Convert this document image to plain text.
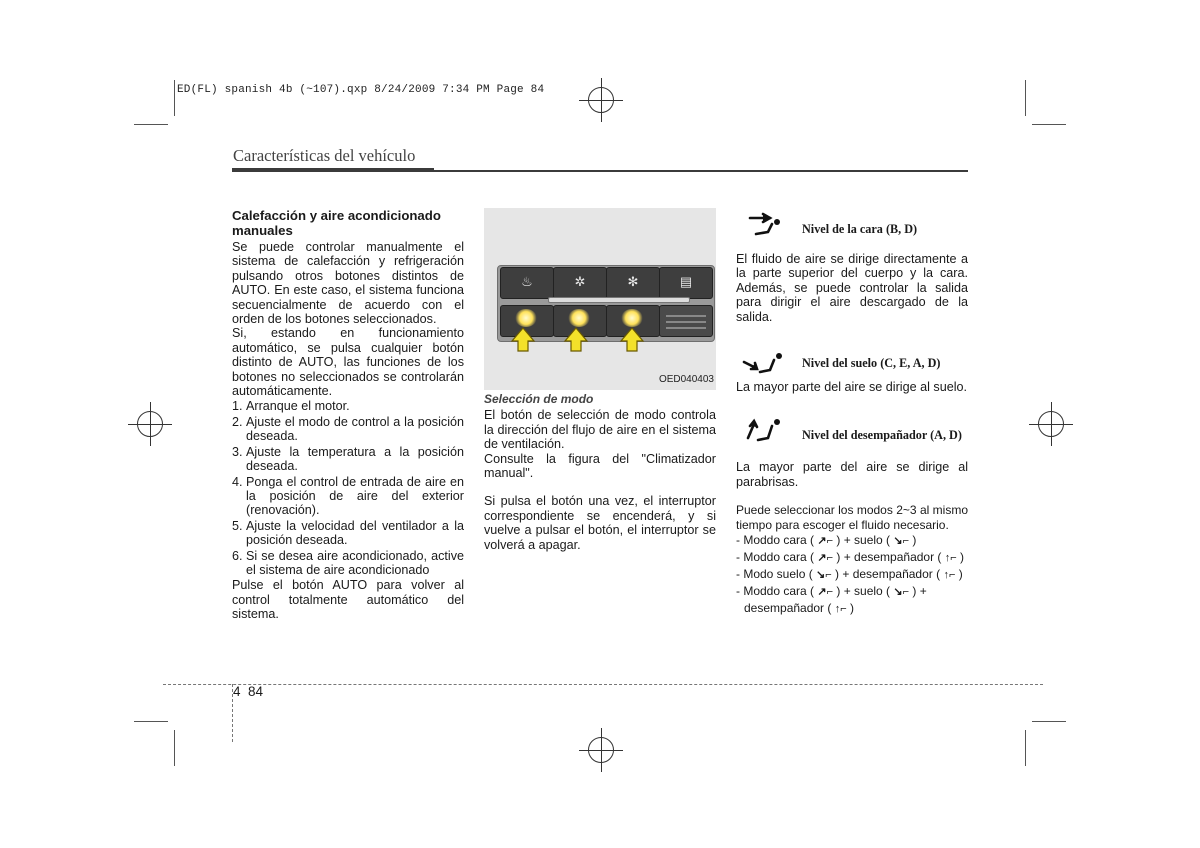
ED(FL) spanish 4b (~107).qxp 8/24/2009 7:34 PM Page 84
Características del vehículo
Calefacción y aire acondicionado manuales

Se puede controlar manualmente el sistema de calefacción y refrigeración pulsando otros botones distintos de AUTO. En este caso, el sistema funciona secuencialmente de acuerdo con el orden de los botones seleccionados.

Si, estando en funcionamiento automático, se pulsa cualquier botón distinto de AUTO, las funciones de los botones no seleccionados se controlarán automáticamente.

1. Arranque el motor.
2. Ajuste el modo de control a la posición deseada.
3. Ajuste la temperatura a la posición deseada.
4. Ponga el control de entrada de aire en la posición de aire del exterior (renovación).
5. Ajuste la velocidad del ventilador a la posición deseada.
6. Si se desea aire acondicionado, active el sistema de aire acondicionado

Pulse el botón AUTO para volver al control totalmente automático del sistema.

♨	✲	✻	▤
OED040403
Selección de modo

El botón de selección de modo controla la dirección del flujo de aire en el sistema de ventilación.

Consulte la figura del "Climatizador manual".

Si pulsa el botón una vez, el interruptor correspondiente se encenderá, y si vuelve a pulsar el botón, el interruptor se volverá a apagar.

Nivel de la cara (B, D)

El fluido de aire se dirige directamente a la parte superior del cuerpo y la cara. Además, se puede controlar la salida para dirigir el aire descargado de la salida.

Nivel del suelo (C, E, A, D)

La mayor parte del aire se dirige al suelo.

Nivel del desempañador (A, D)

La mayor parte del aire se dirige al parabrisas.

Puede seleccionar los modos 2~3 al mismo tiempo para escoger el fluido necesario.

- Moddo cara ( ↗⌐ ) + suelo ( ↘⌐ )

- Moddo cara ( ↗⌐ ) + desempañador ( ↑⌐ )

- Modo suelo ( ↘⌐ ) + desempañador ( ↑⌐ )

- Moddo cara ( ↗⌐ ) + suelo ( ↘⌐ ) +

desempañador ( ↑⌐ )

4  84
